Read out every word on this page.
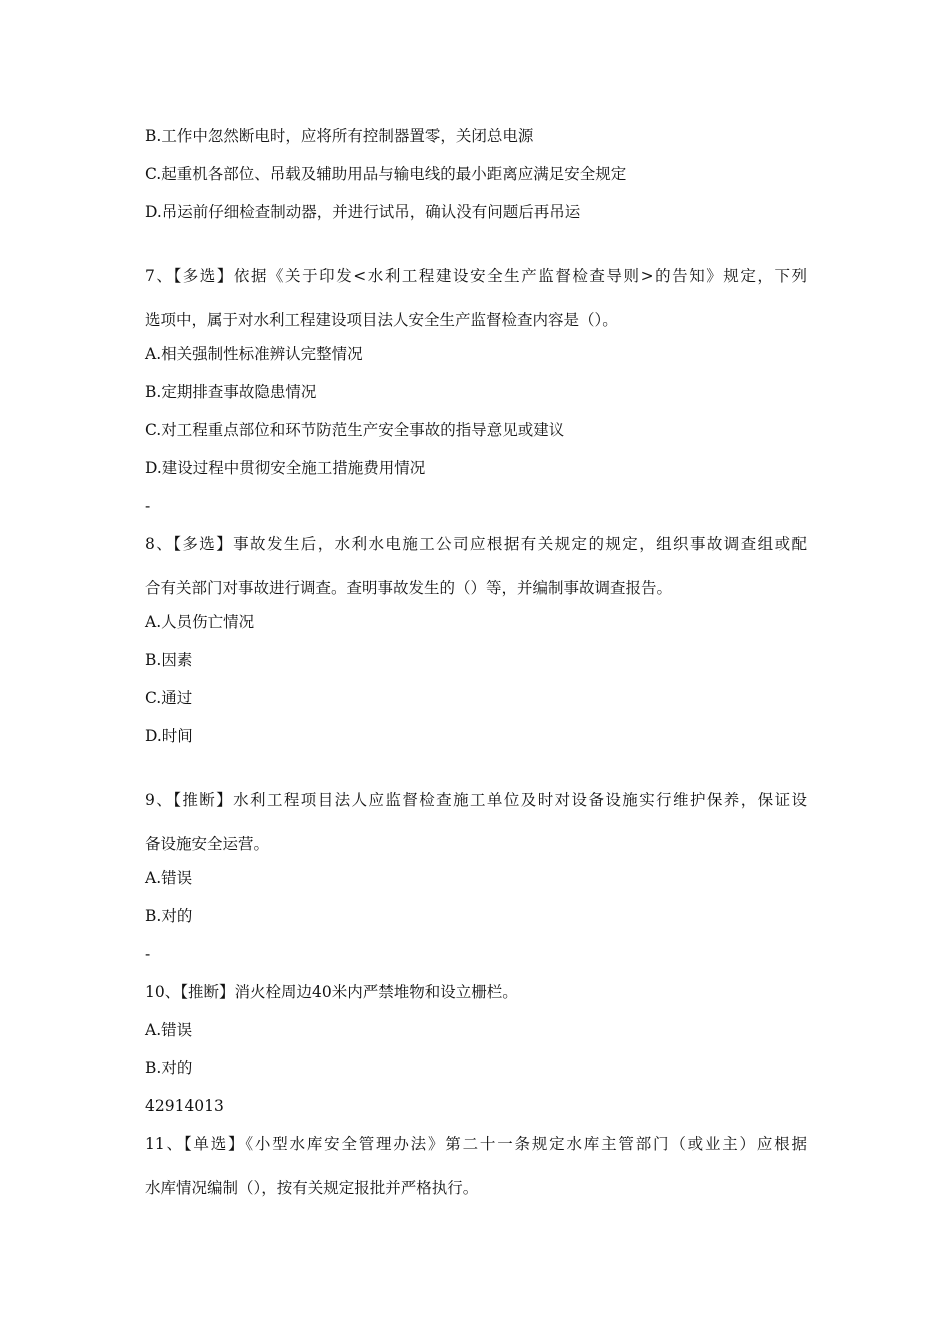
B.工作中忽然断电时，应将所有控制器置零，关闭总电源
C.起重机各部位、吊载及辅助用品与输电线的最小距离应满足安全规定
D.吊运前仔细检查制动器，并进行试吊，确认没有问题后再吊运
7、【多选】依据《关于印发<水利工程建设安全生产监督检查导则>的告知》规定，下列
选项中，属于对水利工程建设项目法人安全生产监督检查内容是（）。
A.相关强制性标准辨认完整情况
B.定期排查事故隐患情况
C.对工程重点部位和环节防范生产安全事故的指导意见或建议
D.建设过程中贯彻安全施工措施费用情况
-
8、【多选】事故发生后，水利水电施工公司应根据有关规定的规定，组织事故调查组或配
合有关部门对事故进行调查。查明事故发生的（）等，并编制事故调查报告。
A.人员伤亡情况
B.因素
C.通过
D.时间
9、【推断】水利工程项目法人应监督检查施工单位及时对设备设施实行维护保养，保证设
备设施安全运营。
A.错误
B.对的
-
10、【推断】消火栓周边40米内严禁堆物和设立栅栏。
A.错误
B.对的
42914013
11、【单选】《小型水库安全管理办法》第二十一条规定水库主管部门（或业主）应根据
水库情况编制（），按有关规定报批并严格执行。
